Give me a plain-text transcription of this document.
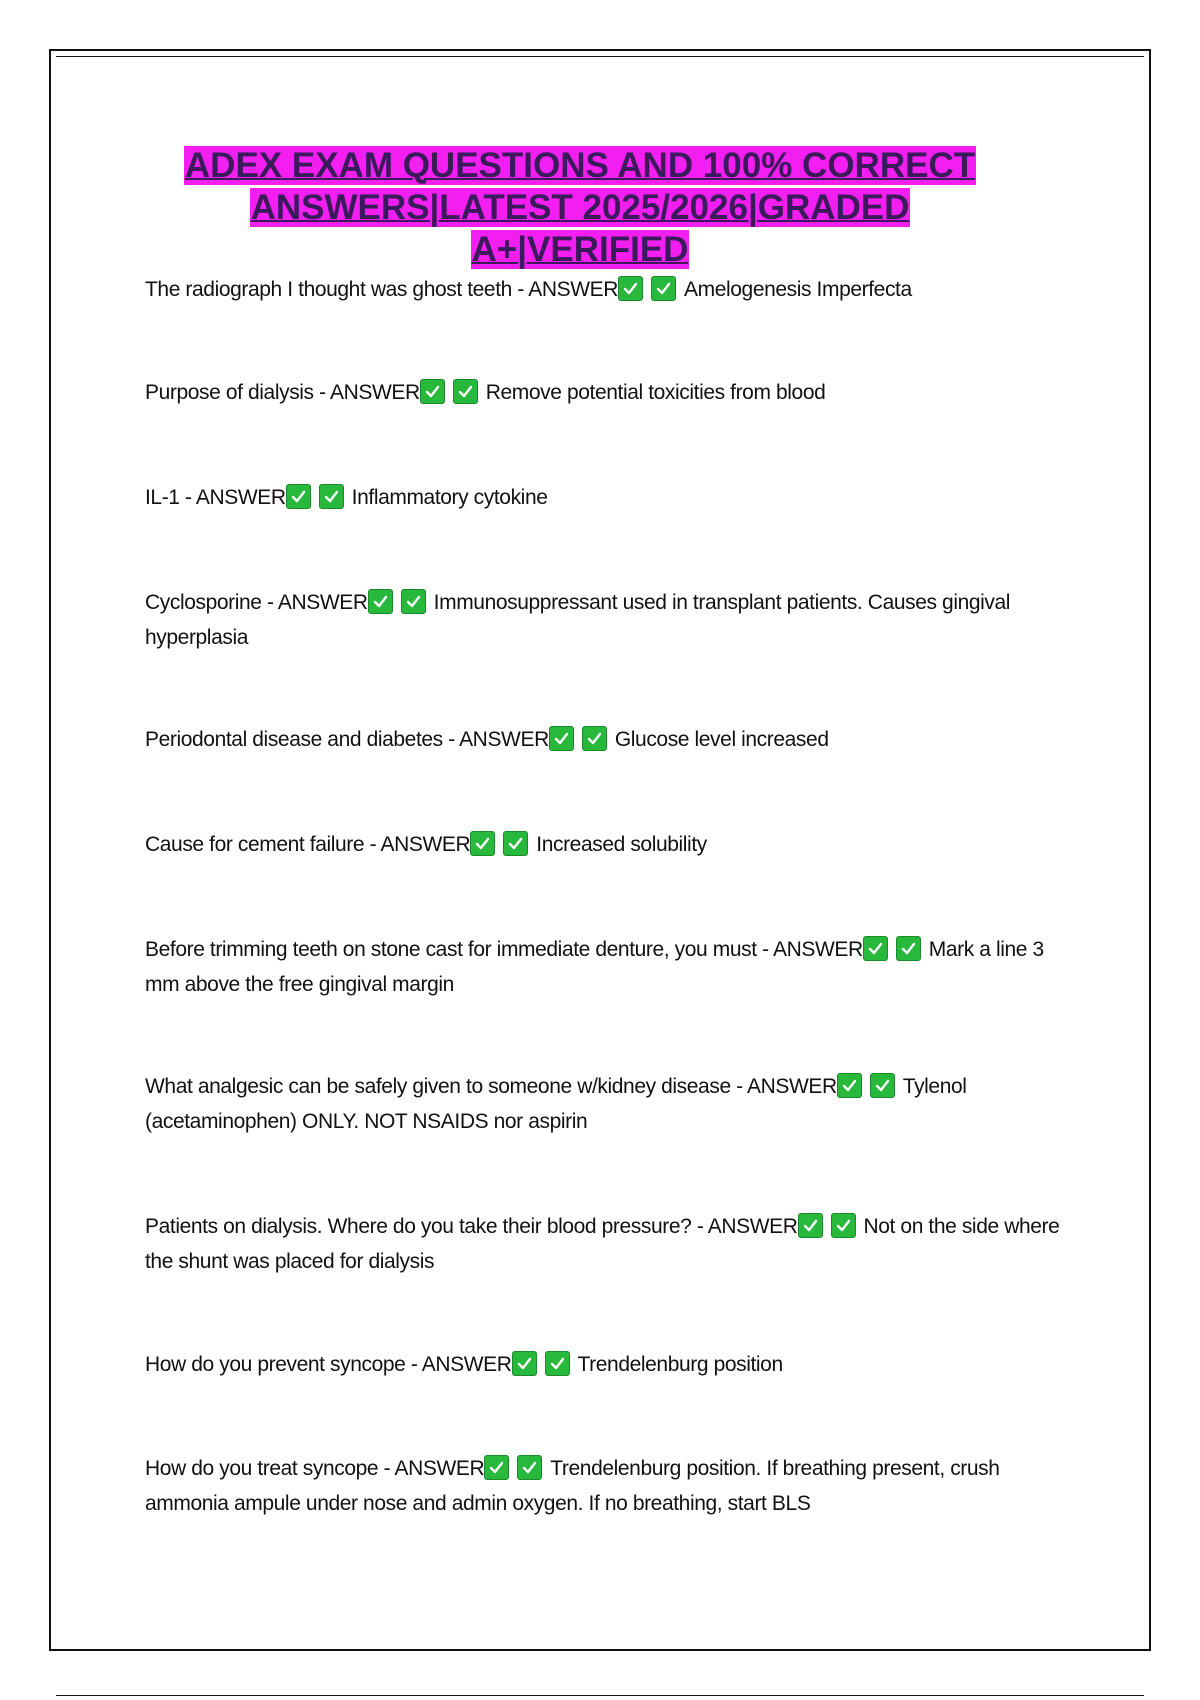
ADEX EXAM QUESTIONS AND 100% CORRECT
ANSWERS|LATEST 2025/2026|GRADED
A+|VERIFIED
The radiograph I thought was ghost teeth - ANSWER	Amelogenesis Imperfecta
Purpose of dialysis - ANSWER	Remove potential toxicities from blood
IL-1 - ANSWER	Inflammatory cytokine
Cyclosporine - ANSWER	Immunosuppressant used in transplant patients. Causes gingival hyperplasia
Periodontal disease and diabetes - ANSWER	Glucose level increased
Cause for cement failure - ANSWER	Increased solubility
Before trimming teeth on stone cast for immediate denture, you must - ANSWER	Mark a line 3 mm above the free gingival margin
What analgesic can be safely given to someone w/kidney disease - ANSWER	Tylenol (acetaminophen) ONLY. NOT NSAIDS nor aspirin
Patients on dialysis. Where do you take their blood pressure? - ANSWER	Not on the side where the shunt was placed for dialysis
How do you prevent syncope - ANSWER	Trendelenburg position
How do you treat syncope - ANSWER	Trendelenburg position. If breathing present, crush ammonia ampule under nose and admin oxygen. If no breathing, start BLS
